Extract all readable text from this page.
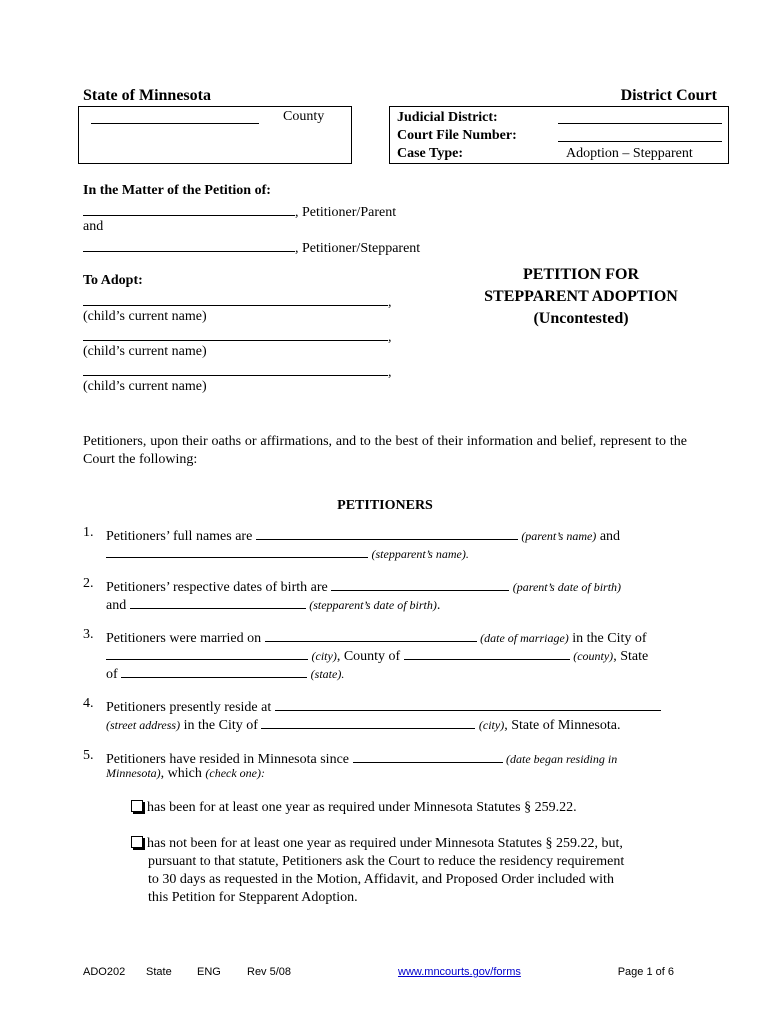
State of Minnesota	District Court
County	Judicial District:
Court File Number:
Case Type:	Adoption – Stepparent
In the Matter of the Petition of:
, Petitioner/Parent
and
, Petitioner/Stepparent
To Adopt:
,
(child’s current name)
,
(child’s current name)
,
(child’s current name)
PETITION FOR
STEPPARENT ADOPTION
(Uncontested)
Petitioners, upon their oaths or affirmations, and to the best of their information and belief, represent to the Court the following:
PETITIONERS
1. Petitioners’ full names are	(parent’s name) and
(stepparent’s name).
2. Petitioners’ respective dates of birth are	(parent’s date of birth)
and	(stepparent’s date of birth).
3. Petitioners were married on	(date of marriage) in the City of
(city), County of	(county), State
of	(state).
4. Petitioners presently reside at
(street address) in the City of	(city), State of Minnesota.
5. Petitioners have resided in Minnesota since	(date began residing in
Minnesota), which (check one):
has been for at least one year as required under Minnesota Statutes § 259.22.
has not been for at least one year as required under Minnesota Statutes § 259.22, but,
pursuant to that statute, Petitioners ask the Court to reduce the residency requirement
to 30 days as requested in the Motion, Affidavit, and Proposed Order included with
this Petition for Stepparent Adoption.
ADO202 State ENG Rev 5/08	www.mncourts.gov/forms	Page 1 of 6
